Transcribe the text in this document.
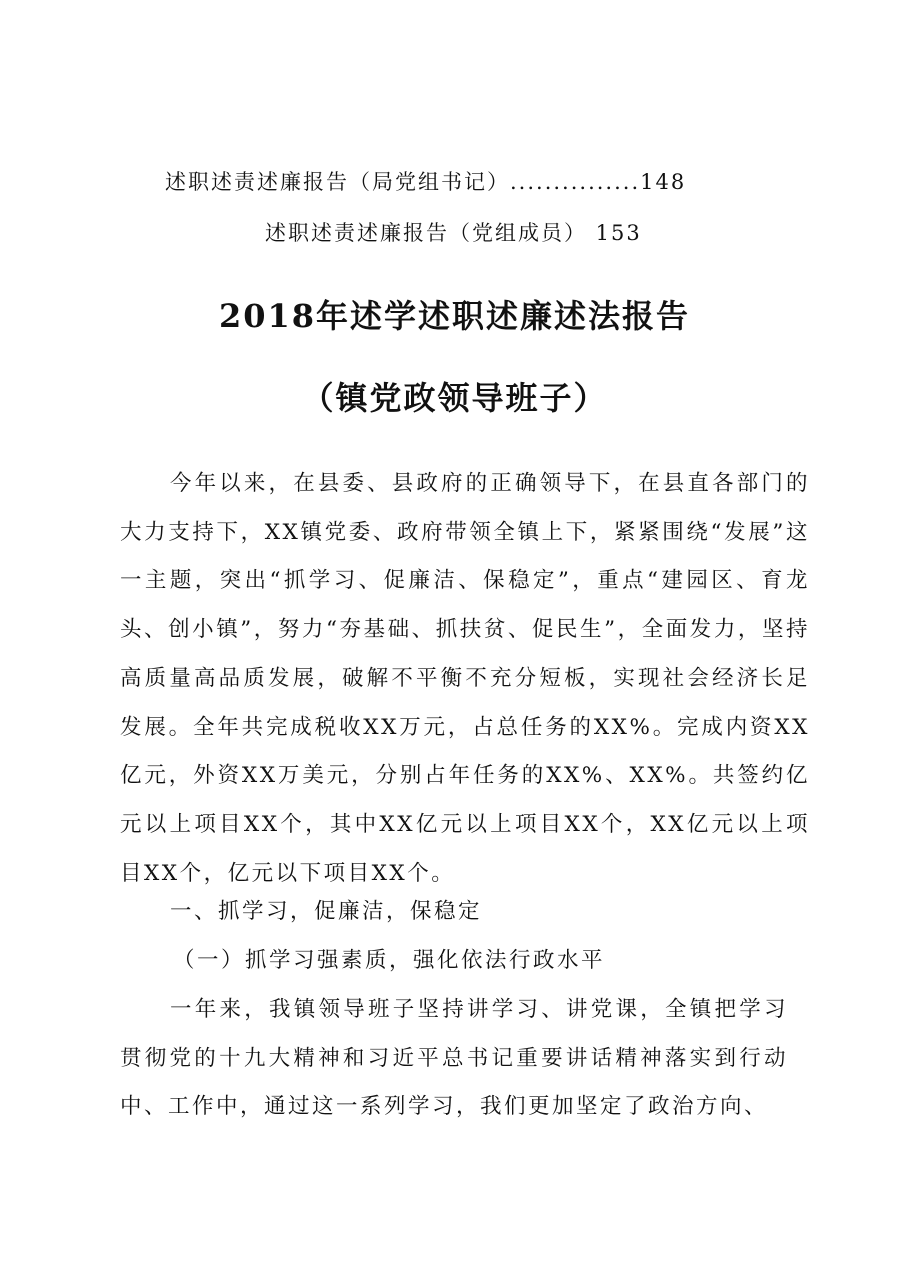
述职述责述廉报告（局党组书记）...............148
述职述责述廉报告（党组成员） 153
2018年述学述职述廉述法报告
（镇党政领导班子）
今年以来，在县委、县政府的正确领导下，在县直各部门的大力支持下，XX镇党委、政府带领全镇上下，紧紧围绕“发展”这一主题，突出“抓学习、促廉洁、保稳定”，重点“建园区、育龙头、创小镇”，努力“夯基础、抓扶贫、促民生”，全面发力，坚持高质量高品质发展，破解不平衡不充分短板，实现社会经济长足发展。全年共完成税收XX万元，占总任务的XX%。完成内资XX亿元，外资XX万美元，分别占年任务的XX%、XX%。共签约亿元以上项目XX个，其中XX亿元以上项目XX个，XX亿元以上项目XX个，亿元以下项目XX个。
一、抓学习，促廉洁，保稳定
（一）抓学习强素质，强化依法行政水平
一年来，我镇领导班子坚持讲学习、讲党课，全镇把学习贯彻党的十九大精神和习近平总书记重要讲话精神落实到行动中、工作中，通过这一系列学习，我们更加坚定了政治方向、
